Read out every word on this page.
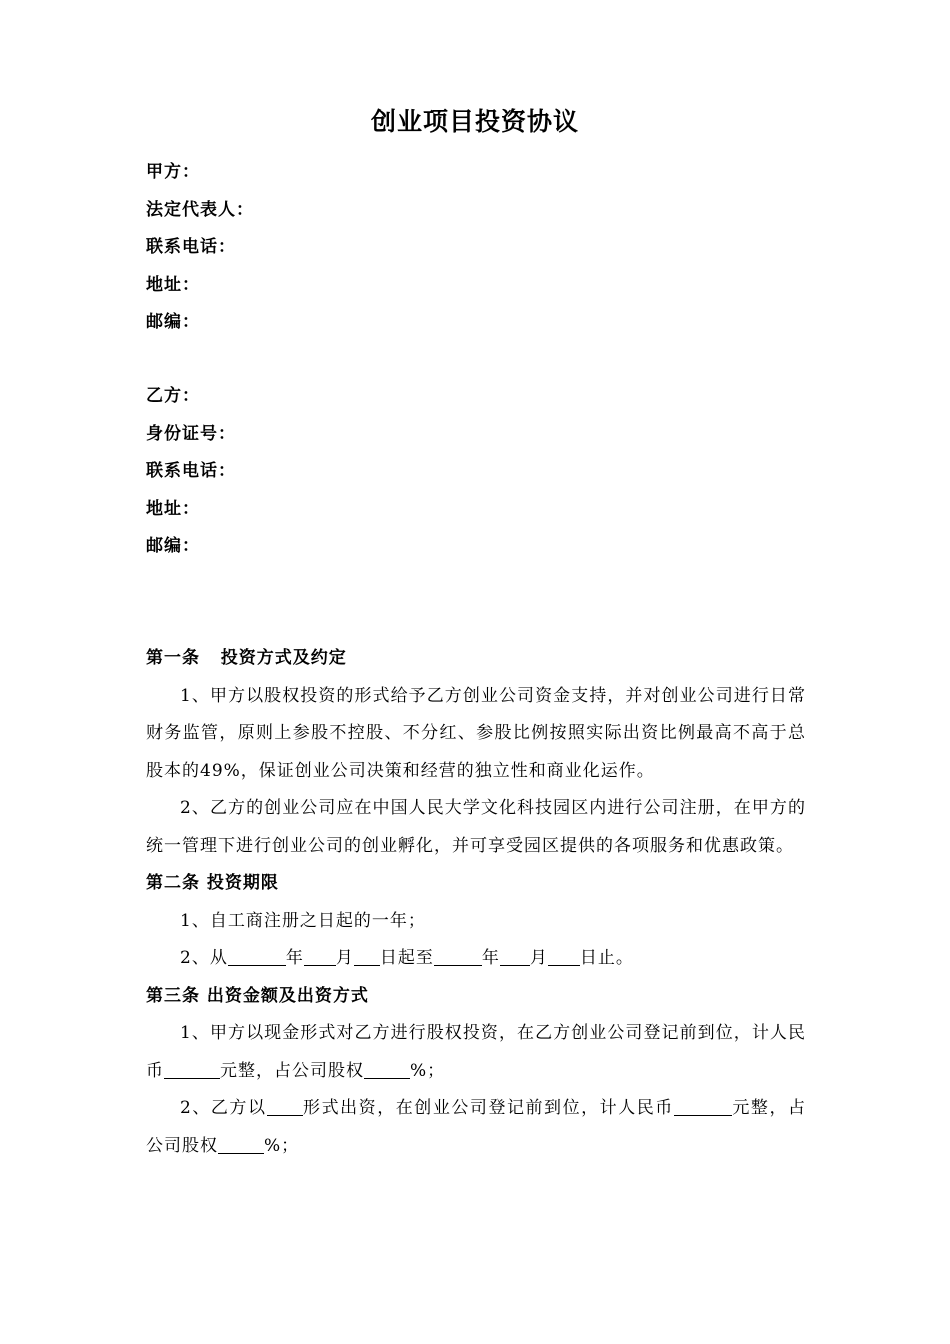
创业项目投资协议
甲方：
法定代表人：
联系电话：
地址：
邮编：
乙方：
身份证号：
联系电话：
地址：
邮编：
第一条   投资方式及约定
1、甲方以股权投资的形式给予乙方创业公司资金支持，并对创业公司进行日常财务监管，原则上参股不控股、不分红、参股比例按照实际出资比例最高不高于总股本的49%，保证创业公司决策和经营的独立性和商业化运作。
2、乙方的创业公司应在中国人民大学文化科技园区内进行公司注册，在甲方的统一管理下进行创业公司的创业孵化，并可享受园区提供的各项服务和优惠政策。
第二条 投资期限
1、自工商注册之日起的一年；
2、从	年 月 日起至	年 月 日止。
第三条 出资金额及出资方式
1、甲方以现金形式对乙方进行股权投资，在乙方创业公司登记前到位，计人民币	元整，占公司股权	%；
2、乙方以 形式出资，在创业公司登记前到位，计人民币	元整，占公司股权	%；
